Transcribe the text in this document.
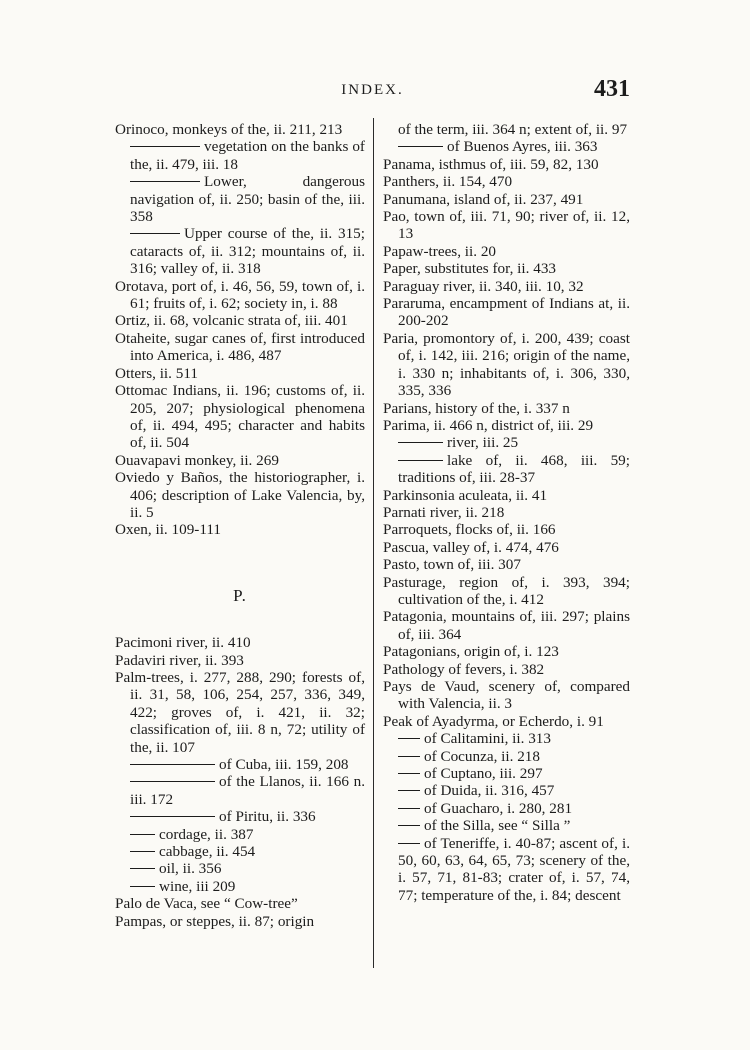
INDEX.	431
Orinoco, monkeys of the, ii. 211, 213
vegetation on the banks of the, ii. 479, iii. 18
Lower, dangerous navigation of, ii. 250; basin of the, iii. 358
Upper course of the, ii. 315; cataracts of, ii. 312; mountains of, ii. 316; valley of, ii. 318
Orotava, port of, i. 46, 56, 59, town of, i. 61; fruits of, i. 62; society in, i. 88
Ortiz, ii. 68, volcanic strata of, iii. 401
Otaheite, sugar canes of, first introduced into America, i. 486, 487
Otters, ii. 511
Ottomac Indians, ii. 196; customs of, ii. 205, 207; physiological phenomena of, ii. 494, 495; character and habits of, ii. 504
Ouavapavi monkey, ii. 269
Oviedo y Baños, the historiographer, i. 406; description of Lake Valencia, by, ii. 5
Oxen, ii. 109-111
P.
Pacimoni river, ii. 410
Padaviri river, ii. 393
Palm-trees, i. 277, 288, 290; forests of, ii. 31, 58, 106, 254, 257, 336, 349, 422; groves of, i. 421, ii. 32; classification of, iii. 8 n, 72; utility of the, ii. 107
of Cuba, iii. 159, 208
of the Llanos, ii. 166 n. iii. 172
of Piritu, ii. 336
cordage, ii. 387
cabbage, ii. 454
oil, ii. 356
wine, iii 209
Palo de Vaca, see “ Cow-tree”
Pampas, or steppes, ii. 87; origin
of the term, iii. 364 n; extent of, ii. 97
of Buenos Ayres, iii. 363
Panama, isthmus of, iii. 59, 82, 130
Panthers, ii. 154, 470
Panumana, island of, ii. 237, 491
Pao, town of, iii. 71, 90; river of, ii. 12, 13
Papaw-trees, ii. 20
Paper, substitutes for, ii. 433
Paraguay river, ii. 340, iii. 10, 32
Pararuma, encampment of Indians at, ii. 200-202
Paria, promontory of, i. 200, 439; coast of, i. 142, iii. 216; origin of the name, i. 330 n; inhabitants of, i. 306, 330, 335, 336
Parians, history of the, i. 337 n
Parima, ii. 466 n, district of, iii. 29
river, iii. 25
lake of, ii. 468, iii. 59; traditions of, iii. 28-37
Parkinsonia aculeata, ii. 41
Parnati river, ii. 218
Parroquets, flocks of, ii. 166
Pascua, valley of, i. 474, 476
Pasto, town of, iii. 307
Pasturage, region of, i. 393, 394; cultivation of the, i. 412
Patagonia, mountains of, iii. 297; plains of, iii. 364
Patagonians, origin of, i. 123
Pathology of fevers, i. 382
Pays de Vaud, scenery of, compared with Valencia, ii. 3
Peak of Ayadyrma, or Echerdo, i. 91
of Calitamini, ii. 313
of Cocunza, ii. 218
of Cuptano, iii. 297
of Duida, ii. 316, 457
of Guacharo, i. 280, 281
of the Silla, see “ Silla ”
of Teneriffe, i. 40-87; ascent of, i. 50, 60, 63, 64, 65, 73; scenery of the, i. 57, 71, 81-83; crater of, i. 57, 74, 77; temperature of the, i. 84; descent
